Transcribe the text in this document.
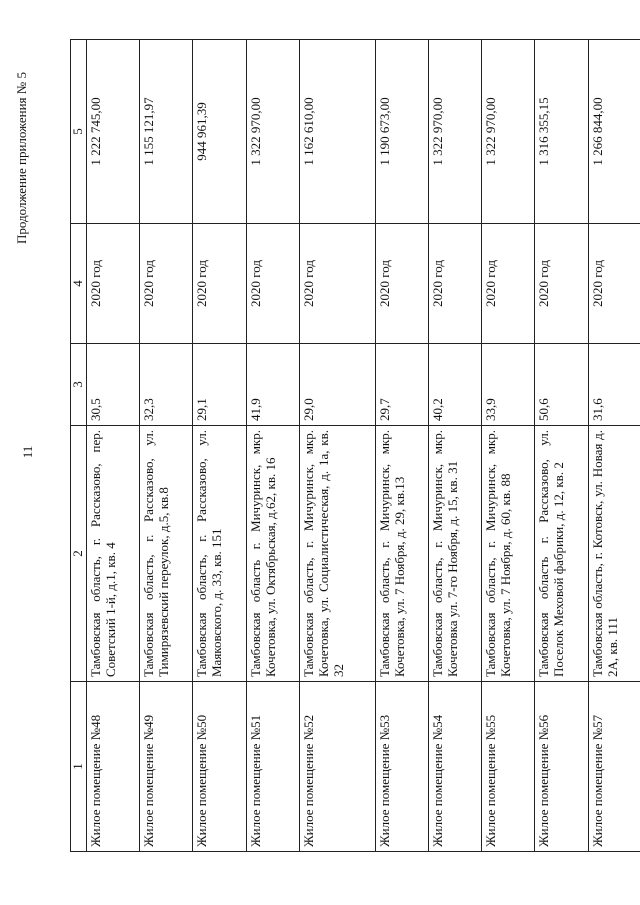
11
Продолжение приложения № 5
1	2	3	4	5
Жилое помещение №48	Тамбовская область, г. Рассказово, пер. Советский 1-й, д.1, кв. 4	30,5	2020 год	1 222 745,00
Жилое помещение №49	Тамбовская область, г. Рассказово, ул. Тимирязевский переулок, д.5, кв.8	32,3	2020 год	1 155 121,97
Жилое помещение №50	Тамбовская область, г. Рассказово, ул. Маяковского, д. 33, кв. 151	29,1	2020 год	944 961,39
Жилое помещение №51	Тамбовская область г. Мичуринск, мкр. Кочетовка, ул. Октябрьская, д.62, кв. 16	41,9	2020 год	1 322 970,00
Жилое помещение №52	Тамбовская область, г. Мичуринск, мкр. Кочетовка, ул. Социалистическая, д. 1а, кв. 32	29,0	2020 год	1 162 610,00
Жилое помещение №53	Тамбовская область, г. Мичуринск, мкр. Кочетовка, ул. 7 Ноября, д. 29, кв.13	29,7	2020 год	1 190 673,00
Жилое помещение №54	Тамбовская область, г. Мичуринск, мкр. Кочетовка ул. 7-го Ноября, д. 15, кв. 31	40,2	2020 год	1 322 970,00
Жилое помещение №55	Тамбовская область, г. Мичуринск, мкр. Кочетовка, ул. 7 Ноября, д. 60, кв. 88	33,9	2020 год	1 322 970,00
Жилое помещение №56	Тамбовская область г. Рассказово, ул. Поселок Меховой фабрики, д. 12, кв. 2	50,6	2020 год	1 316 355,15
Жилое помещение №57	Тамбовская область, г. Котовск, ул. Новая д. 2А, кв. 111	31,6	2020 год	1 266 844,00
